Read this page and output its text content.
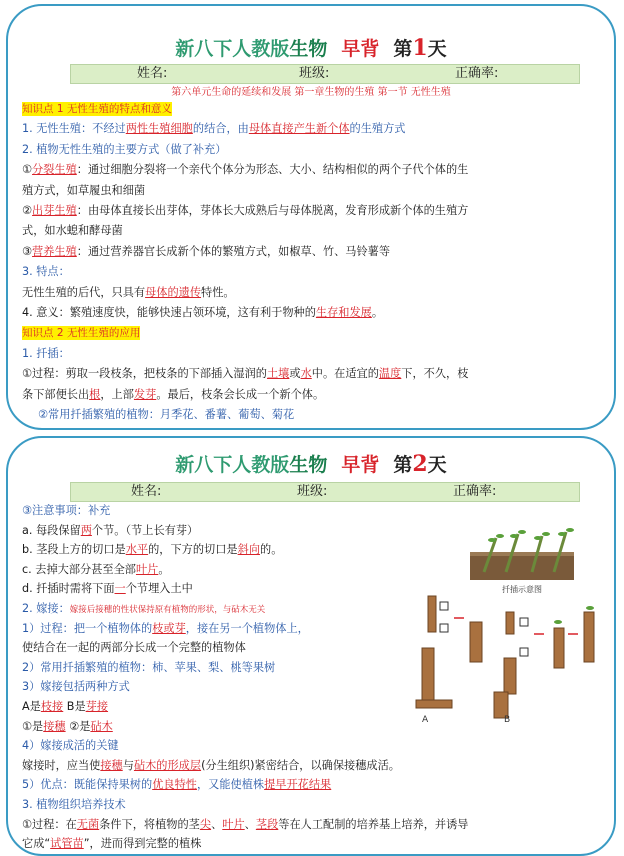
新八下人教版生物 早背 第1天
姓名:	班级:	正确率:
第六单元生命的延续和发展 第一章生物的生殖 第一节 无性生殖
知识点 1 无性生殖的特点和意义
1. 无性生殖：不经过两性生殖细胞的结合，由母体直接产生新个体的生殖方式
2. 植物无性生殖的主要方式（做了补充）
①分裂生殖：通过细胞分裂将一个亲代个体分为形态、大小、结构相似的两个子代个体的生
殖方式，如草履虫和细菌
②出芽生殖：由母体直接长出芽体，芽体长大成熟后与母体脱离，发育形成新个体的生殖方
式，如水螅和酵母菌
③营养生殖：通过营养器官长成新个体的繁殖方式，如椒草、竹、马铃薯等
3. 特点：
无性生殖的后代，只具有母体的遗传特性。
4. 意义：繁殖速度快，能够快速占领环境，这有利于物种的生存和发展。
知识点 2 无性生殖的应用
1. 扦插：
①过程：剪取一段枝条，把枝条的下部插入湿润的土壤或水中。在适宜的温度下，不久，枝
条下部便长出根，上部发芽。最后，枝条会长成一个新个体。
②常用扦插繁殖的植物：月季花、番薯、葡萄、菊花
新八下人教版生物 早背 第2天
姓名:	班级:	正确率:
③注意事项：补充
a. 每段保留两个节。（节上长有芽）
b. 茎段上方的切口是水平的，下方的切口是斜向的。
c. 去掉大部分甚至全部叶片。
d. 扦插时需将下面一个节埋入土中
2. 嫁接：嫁接后接穗的性状保持原有植物的形状，与砧木无关
1）过程：把一个植物体的枝或芽，接在另一个植物体上，
使结合在一起的两部分长成一个完整的植物体
2）常用扦插繁殖的植物：柿、苹果、梨、桃等果树
3）嫁接包括两种方式
A是枝接 B是芽接
①是接穗 ②是砧木
4）嫁接成活的关键
嫁接时，应当使接穗与砧木的形成层(分生组织)紧密结合，以确保接穗成活。
5）优点：既能保持果树的优良特性，又能使植株提早开花结果
3. 植物组织培养技术
①过程：在无菌条件下，将植物的茎尖、叶片、茎段等在人工配制的培养基上培养，并诱导
它成“试管苗”，进而得到完整的植株
扦插示意图
A	B
